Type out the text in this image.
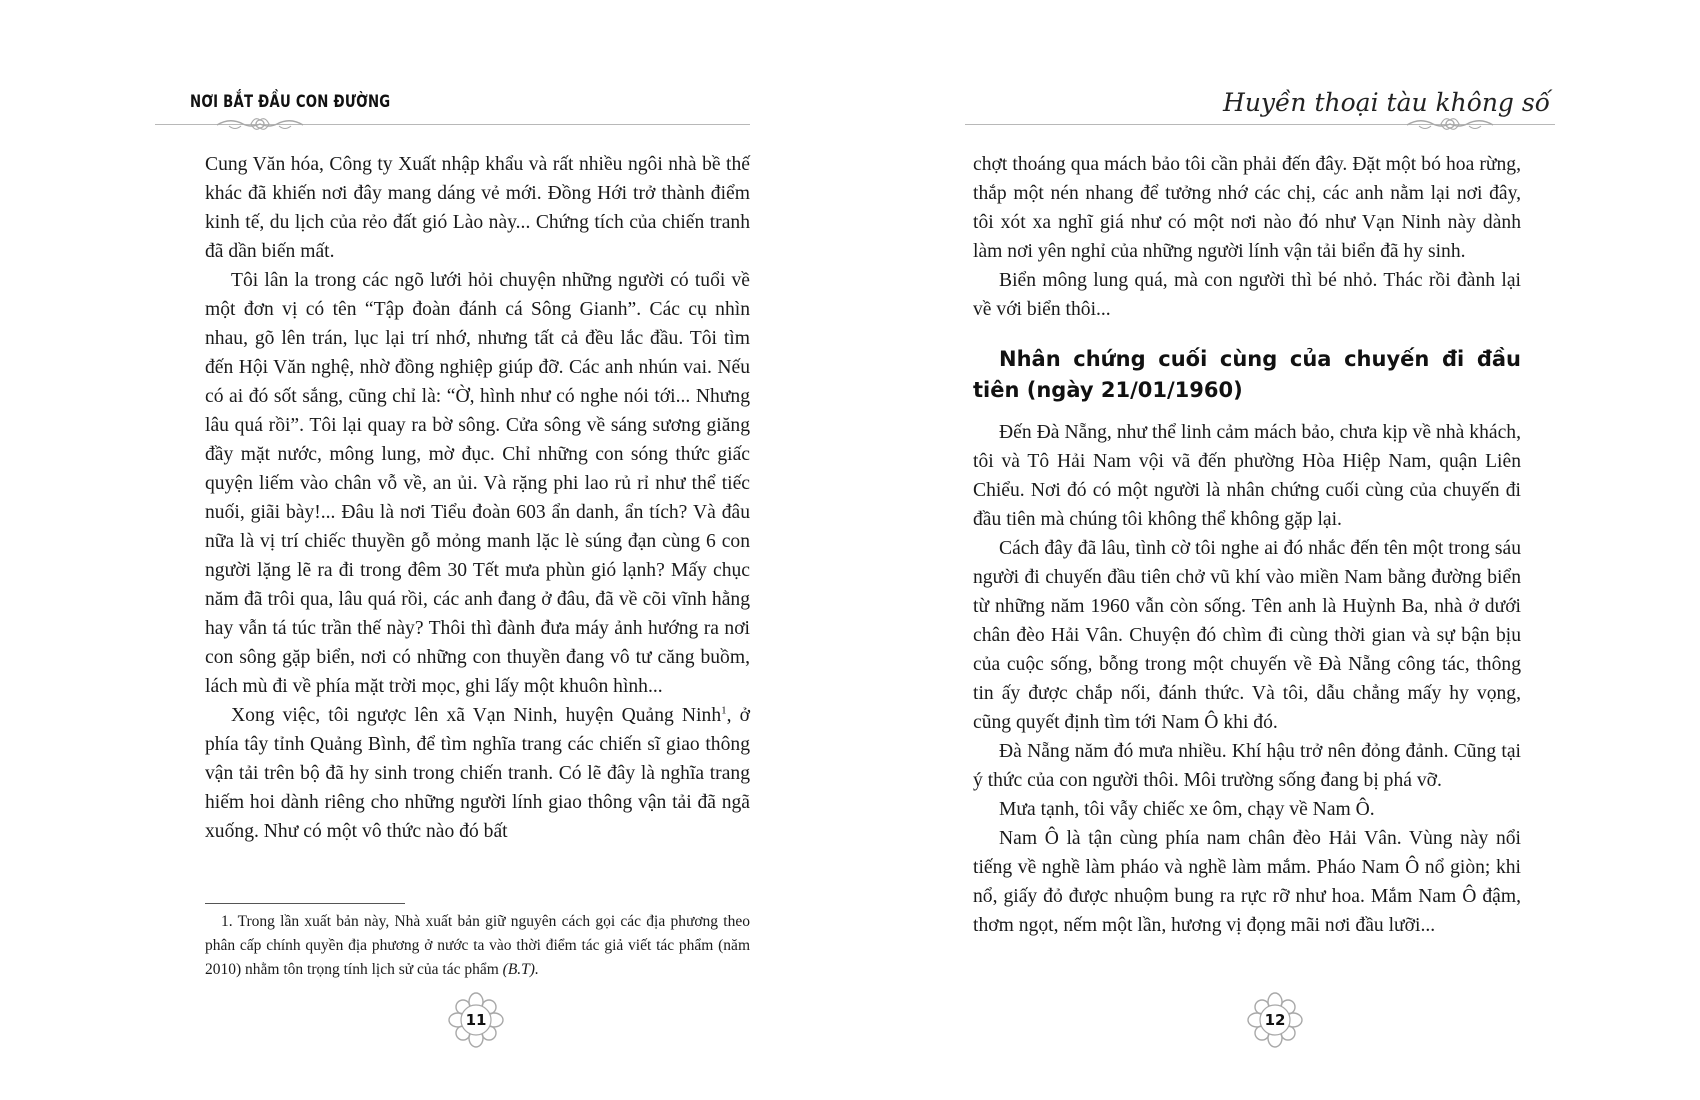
NƠI BẮT ĐẦU CON ĐƯỜNG

Cung Văn hóa, Công ty Xuất nhập khẩu và rất nhiều ngôi nhà bề thế khác đã khiến nơi đây mang dáng vẻ mới. Đồng Hới trở thành điểm kinh tế, du lịch của rẻo đất gió Lào này... Chứng tích của chiến tranh đã dần biến mất.

Tôi lân la trong các ngõ lưới hỏi chuyện những người có tuổi về một đơn vị có tên “Tập đoàn đánh cá Sông Gianh”. Các cụ nhìn nhau, gõ lên trán, lục lại trí nhớ, nhưng tất cả đều lắc đầu. Tôi tìm đến Hội Văn nghệ, nhờ đồng nghiệp giúp đỡ. Các anh nhún vai. Nếu có ai đó sốt sắng, cũng chỉ là: “Ờ, hình như có nghe nói tới... Nhưng lâu quá rồi”. Tôi lại quay ra bờ sông. Cửa sông về sáng sương giăng đầy mặt nước, mông lung, mờ đục. Chỉ những con sóng thức giấc quyện liếm vào chân vỗ về, an ủi. Và rặng phi lao rủ rỉ như thể tiếc nuối, giãi bày!... Đâu là nơi Tiểu đoàn 603 ẩn danh, ẩn tích? Và đâu nữa là vị trí chiếc thuyền gỗ mỏng manh lặc lè súng đạn cùng 6 con người lặng lẽ ra đi trong đêm 30 Tết mưa phùn gió lạnh? Mấy chục năm đã trôi qua, lâu quá rồi, các anh đang ở đâu, đã về cõi vĩnh hằng hay vẫn tá túc trần thế này? Thôi thì đành đưa máy ảnh hướng ra nơi con sông gặp biển, nơi có những con thuyền đang vô tư căng buồm, lách mù đi về phía mặt trời mọc, ghi lấy một khuôn hình...

Xong việc, tôi ngược lên xã Vạn Ninh, huyện Quảng Ninh$^1$, ở phía tây tỉnh Quảng Bình, để tìm nghĩa trang các chiến sĩ giao thông vận tải trên bộ đã hy sinh trong chiến tranh. Có lẽ đây là nghĩa trang hiếm hoi dành riêng cho những người lính giao thông vận tải đã ngã xuống. Như có một vô thức nào đó bất

1. Trong lần xuất bản này, Nhà xuất bản giữ nguyên cách gọi các địa phương theo phân cấp chính quyền địa phương ở nước ta vào thời điểm tác giả viết tác phẩm (năm 2010) nhằm tôn trọng tính lịch sử của tác phẩm (B.T).

11

Huyền thoại tàu không số

chợt thoáng qua mách bảo tôi cần phải đến đây. Đặt một bó hoa rừng, thắp một nén nhang để tưởng nhớ các chị, các anh nằm lại nơi đây, tôi xót xa nghĩ giá như có một nơi nào đó như Vạn Ninh này dành làm nơi yên nghỉ của những người lính vận tải biển đã hy sinh.

Biển mông lung quá, mà con người thì bé nhỏ. Thác rồi đành lại về với biển thôi...

Nhân chứng cuối cùng của chuyến đi đầu tiên (ngày 21/01/1960)

Đến Đà Nẵng, như thể linh cảm mách bảo, chưa kịp về nhà khách, tôi và Tô Hải Nam vội vã đến phường Hòa Hiệp Nam, quận Liên Chiểu. Nơi đó có một người là nhân chứng cuối cùng của chuyến đi đầu tiên mà chúng tôi không thể không gặp lại.

Cách đây đã lâu, tình cờ tôi nghe ai đó nhắc đến tên một trong sáu người đi chuyến đầu tiên chở vũ khí vào miền Nam bằng đường biển từ những năm 1960 vẫn còn sống. Tên anh là Huỳnh Ba, nhà ở dưới chân đèo Hải Vân. Chuyện đó chìm đi cùng thời gian và sự bận bịu của cuộc sống, bỗng trong một chuyến về Đà Nẵng công tác, thông tin ấy được chắp nối, đánh thức. Và tôi, dẫu chẳng mấy hy vọng, cũng quyết định tìm tới Nam Ô khi đó.

Đà Nẵng năm đó mưa nhiều. Khí hậu trở nên đỏng đảnh. Cũng tại ý thức của con người thôi. Môi trường sống đang bị phá vỡ.

Mưa tạnh, tôi vẫy chiếc xe ôm, chạy về Nam Ô.

Nam Ô là tận cùng phía nam chân đèo Hải Vân. Vùng này nổi tiếng về nghề làm pháo và nghề làm mắm. Pháo Nam Ô nổ giòn; khi nổ, giấy đỏ được nhuộm bung ra rực rỡ như hoa. Mắm Nam Ô đậm, thơm ngọt, nếm một lần, hương vị đọng mãi nơi đầu lưỡi...

12
